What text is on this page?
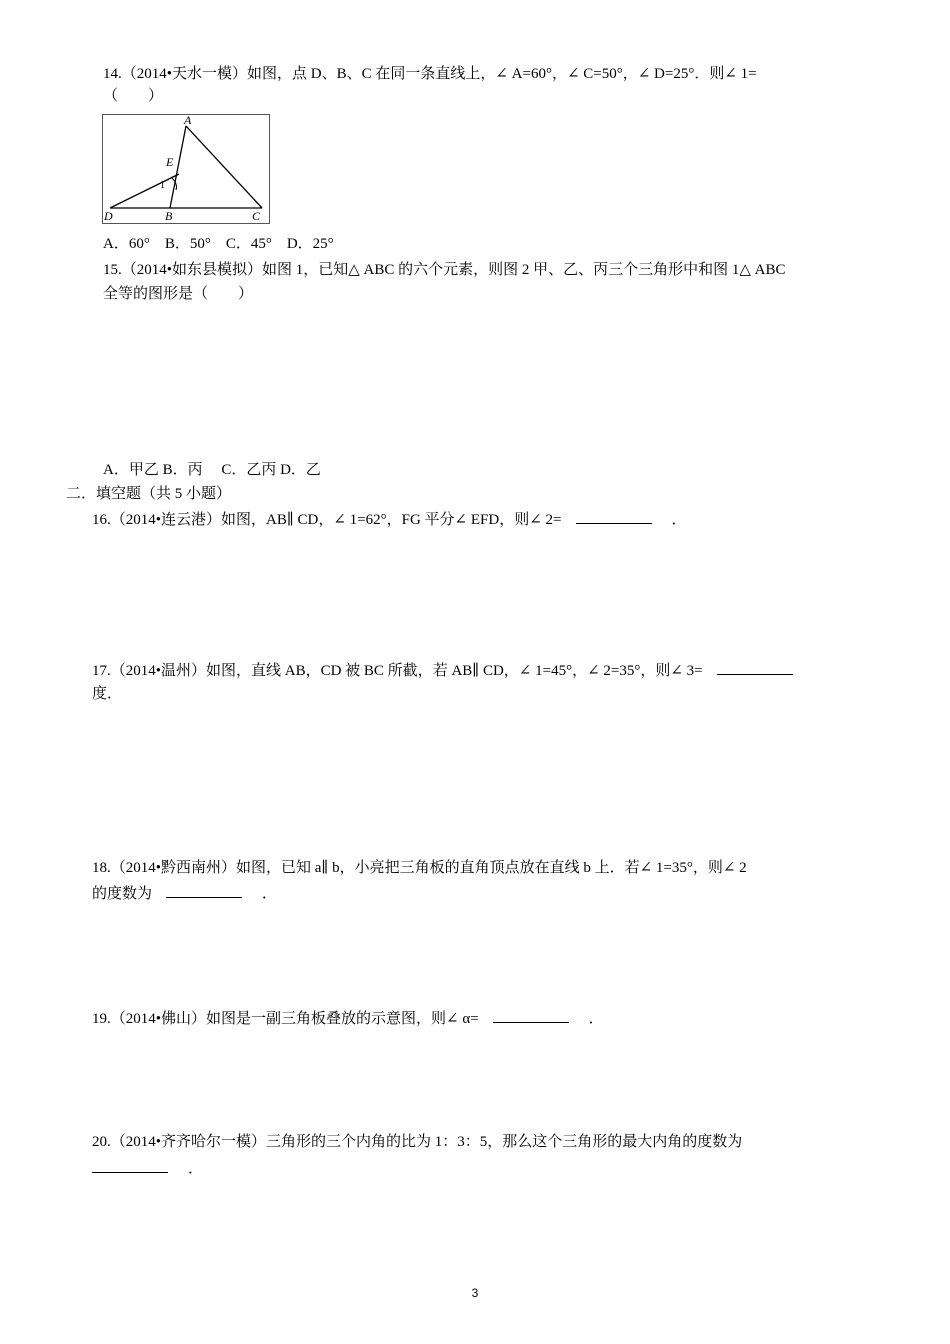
14.（2014•天水一模）如图，点 D、B、C 在同一条直线上，∠ A=60°，∠ C=50°，∠ D=25°．则∠ 1=
（　　）
A
E
1
D	B	C
A．60°　B．50°　C．45°　D．25°
15.（2014•如东县模拟）如图 1，已知△ ABC 的六个元素，则图 2 甲、乙、丙三个三角形中和图 1△ ABC
全等的图形是（　　）
A．甲乙 B．丙　 C．乙丙 D．乙
二．填空题（共 5 小题）
16.（2014•连云港）如图，AB∥ CD，∠ 1=62°，FG 平分∠ EFD，则∠ 2=	．
17.（2014•温州）如图，直线 AB，CD 被 BC 所截，若 AB∥ CD，∠ 1=45°，∠ 2=35°，则∠ 3=
度．
18.（2014•黔西南州）如图，已知 a∥ b，小亮把三角板的直角顶点放在直线 b 上．若∠ 1=35°，则∠ 2
的度数为	．
19.（2014•佛山）如图是一副三角板叠放的示意图，则∠ α=	．
20.（2014•齐齐哈尔一模）三角形的三个内角的比为 1：3：5，那么这个三角形的最大内角的度数为
．
3
